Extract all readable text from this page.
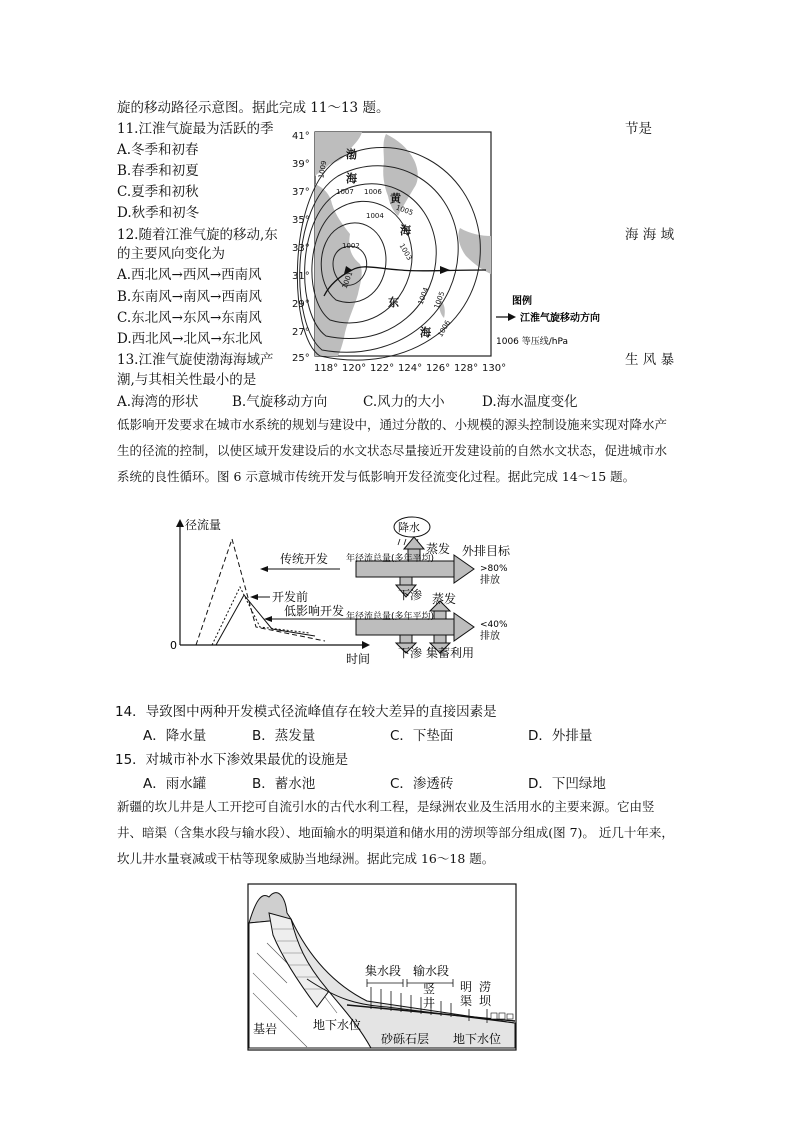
旋的移动路径示意图。据此完成 11～13 题。
11.江淮气旋最为活跃的季	节是
A.冬季和初春
B.春季和初夏
C.夏季和初秋
D.秋季和初冬
12.随着江淮气旋的移动,东	海 海 域
的主要风向变化为
A.西北风→西风→西南风
B.东南风→南风→西南风
C.东北风→东风→东南风
D.西北风→北风→东北风
13.江淮气旋使渤海海域产	生 风 暴
潮,与其相关性最小的是
A.海湾的形状 B.气旋移动方向	C.风力的大小	D.海水温度变化
41°
39°
37°
35°
33°
31°
29°
27°
25°
118° 120° 122° 124° 126° 128° 130°
渤
海
黄
海
东
海
1009
1007 1006
1005
1004
1003
1002
1001
1004 1005
1006
图例
江淮气旋移动方向
1006 等压线/hPa
低影响开发要求在城市水系统的规划与建设中，通过分散的、小规模的源头控制设施来实现对降水产生的径流的控制，以使区域开发建设后的水文状态尽量接近开发建设前的自然水文状态，促进城市水系统的良性循环。图 6 示意城市传统开发与低影响开发径流变化过程。据此完成 14～15 题。
径流量
时间
0
传统开发
开发前
低影响开发
降水
蒸发
年径流总量(多年平均)
外排目标
>80%
排放
下渗 蒸发
年径流总量(多年平均)
<40%
排放
下渗 集蓄利用
14．导致图中两种开发模式径流峰值存在较大差异的直接因素是
A．降水量	B．蒸发量	C．下垫面	D．外排量
15．对城市补水下渗效果最优的设施是
A．雨水罐	B．蓄水池	C．渗透砖	D．下凹绿地
新疆的坎儿井是人工开挖可自流引水的古代水利工程，是绿洲农业及生活用水的主要来源。它由竖井、暗渠（含集水段与输水段）、地面输水的明渠道和储水用的涝坝等部分组成(图 7)。 近几十年来，坎儿井水量衰减或干枯等现象威胁当地绿洲。据此完成 16～18 题。
集水段 输水段
竖
井
明
渠
涝
坝
基岩	地下水位
砂砾石层 地下水位
